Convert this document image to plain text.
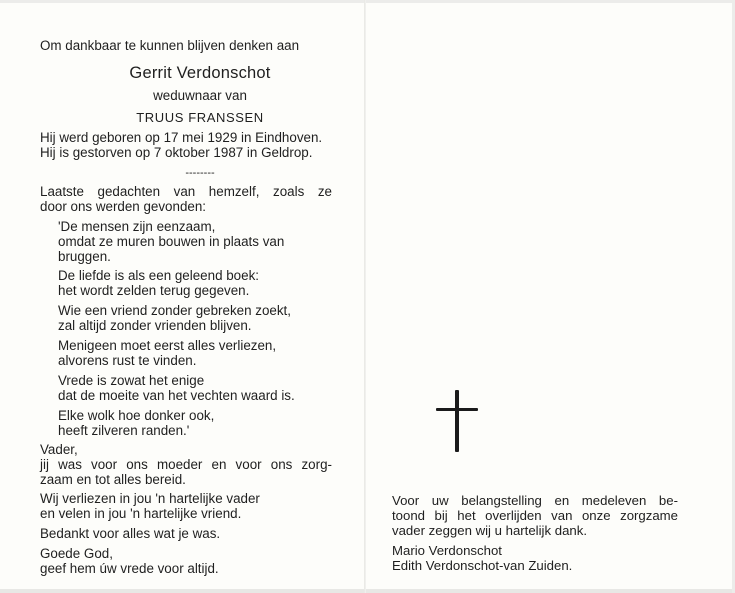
Om dankbaar te kunnen blijven denken aan
Gerrit Verdonschot
weduwnaar van
TRUUS FRANSSEN
Hij werd geboren op 17 mei 1929 in Eindhoven.
Hij is gestorven op 7 oktober 1987 in Geldrop.
--------
Laatste gedachten van hemzelf, zoals ze
door ons werden gevonden:
'De mensen zijn eenzaam,
omdat ze muren bouwen in plaats van
bruggen.
De liefde is als een geleend boek:
het wordt zelden terug gegeven.
Wie een vriend zonder gebreken zoekt,
zal altijd zonder vrienden blijven.
Menigeen moet eerst alles verliezen,
alvorens rust te vinden.
Vrede is zowat het enige
dat de moeite van het vechten waard is.
Elke wolk hoe donker ook,
heeft zilveren randen.'
Vader,
jij was voor ons moeder en voor ons zorg-
zaam en tot alles bereid.
Wij verliezen in jou 'n hartelijke vader
en velen in jou 'n hartelijke vriend.
Bedankt voor alles wat je was.
Goede God,
geef hem úw vrede voor altijd.
Voor uw belangstelling en medeleven be-
toond bij het overlijden van onze zorgzame
vader zeggen wij u hartelijk dank.
Mario Verdonschot
Edith Verdonschot-van Zuiden.
